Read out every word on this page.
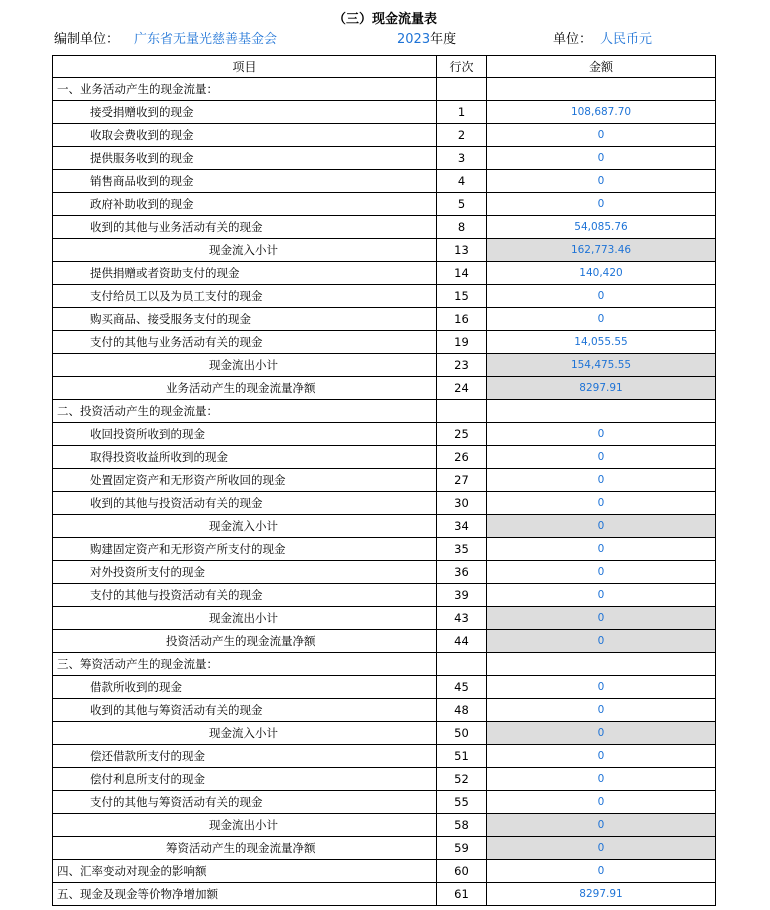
（三）现金流量表
编制单位： 广东省无量光慈善基金会	2023年度	单位： 人民币元
项目	行次	金额
一、业务活动产生的现金流量：		
接受捐赠收到的现金	1	108,687.70
收取会费收到的现金	2	0
提供服务收到的现金	3	0
销售商品收到的现金	4	0
政府补助收到的现金	5	0
收到的其他与业务活动有关的现金	8	54,085.76
现金流入小计	13	162,773.46
提供捐赠或者资助支付的现金	14	140,420
支付给员工以及为员工支付的现金	15	0
购买商品、接受服务支付的现金	16	0
支付的其他与业务活动有关的现金	19	14,055.55
现金流出小计	23	154,475.55
业务活动产生的现金流量净额	24	8297.91
二、投资活动产生的现金流量：		
收回投资所收到的现金	25	0
取得投资收益所收到的现金	26	0
处置固定资产和无形资产所收回的现金	27	0
收到的其他与投资活动有关的现金	30	0
现金流入小计	34	0
购建固定资产和无形资产所支付的现金	35	0
对外投资所支付的现金	36	0
支付的其他与投资活动有关的现金	39	0
现金流出小计	43	0
投资活动产生的现金流量净额	44	0
三、筹资活动产生的现金流量：		
借款所收到的现金	45	0
收到的其他与筹资活动有关的现金	48	0
现金流入小计	50	0
偿还借款所支付的现金	51	0
偿付利息所支付的现金	52	0
支付的其他与筹资活动有关的现金	55	0
现金流出小计	58	0
筹资活动产生的现金流量净额	59	0
四、汇率变动对现金的影响额	60	0
五、现金及现金等价物净增加额	61	8297.91
